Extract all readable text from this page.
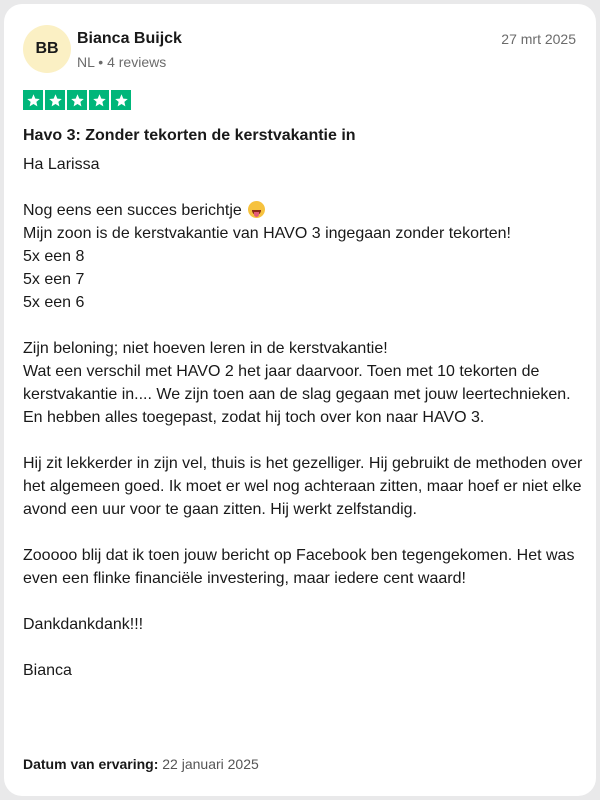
BB
Bianca Buijck
NL • 4 reviews
27 mrt 2025
Havo 3: Zonder tekorten de kerstvakantie in

Ha Larissa

Nog eens een succes berichtje
Mijn zoon is de kerstvakantie van HAVO 3 ingegaan zonder tekorten!
5x een 8
5x een 7
5x een 6

Zijn beloning; niet hoeven leren in de kerstvakantie!
Wat een verschil met HAVO 2 het jaar daarvoor. Toen met 10 tekorten de kerstvakantie in.... We zijn toen aan de slag gegaan met jouw leertechnieken. En hebben alles toegepast, zodat hij toch over kon naar HAVO 3.

Hij zit lekkerder in zijn vel, thuis is het gezelliger. Hij gebruikt de methoden over het algemeen goed. Ik moet er wel nog achteraan zitten, maar hoef er niet elke avond een uur voor te gaan zitten. Hij werkt zelfstandig.

Zooooo blij dat ik toen jouw bericht op Facebook ben tegengekomen. Het was even een flinke financiële investering, maar iedere cent waard!

Dankdankdank!!!

Bianca

Datum van ervaring: 22 januari 2025
